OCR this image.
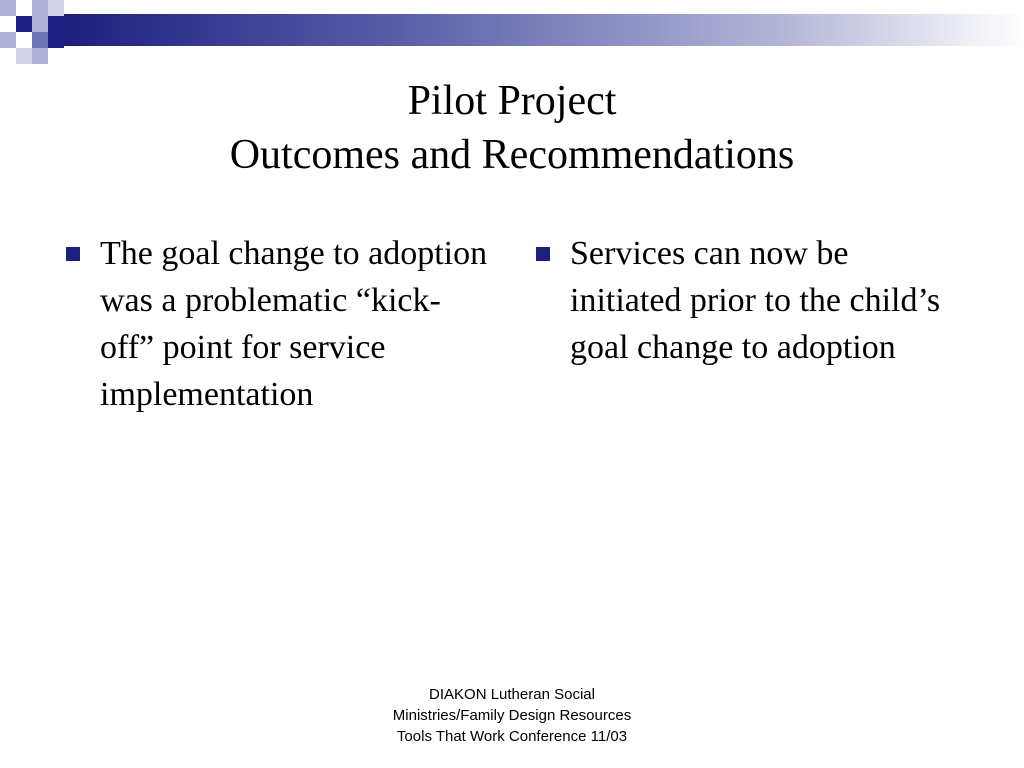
Pilot Project
Outcomes and Recommendations
The goal change to adoption was a problematic “kick-off” point for service implementation
Services can now be initiated prior to the child’s goal change to adoption
DIAKON Lutheran Social
Ministries/Family Design Resources
Tools That Work Conference 11/03
